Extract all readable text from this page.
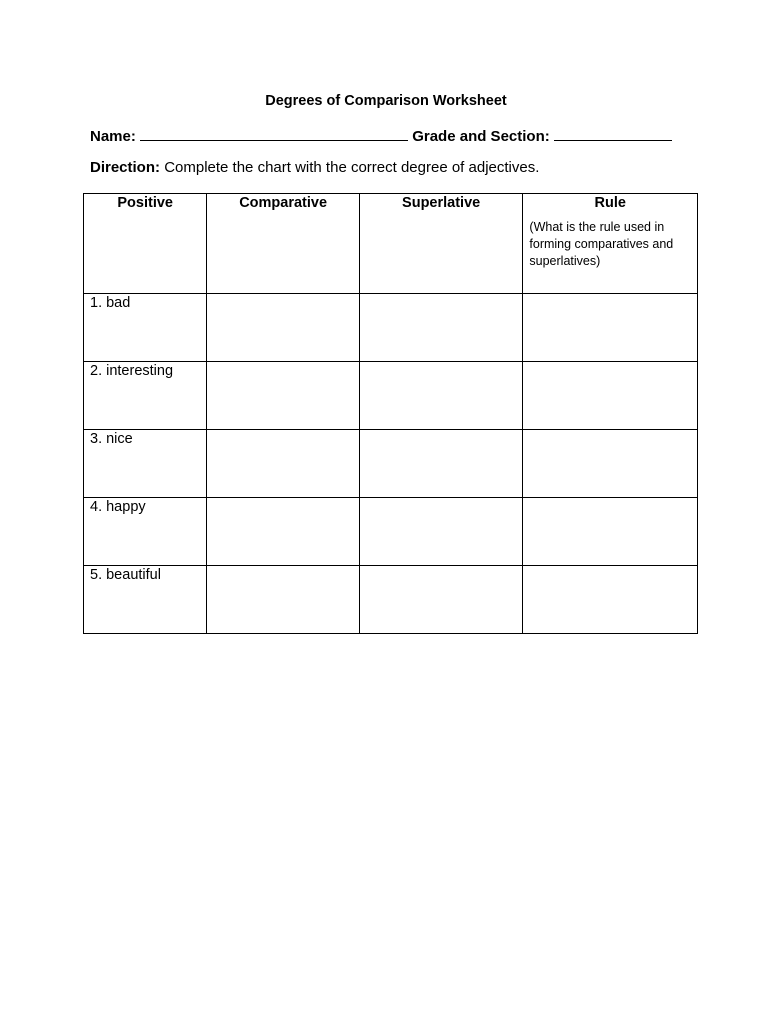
Degrees of Comparison Worksheet
Name:	Grade and Section:
Direction: Complete the chart with the correct degree of adjectives.
Positive	Comparative	Superlative	Rule
(What is the rule used in forming comparatives and superlatives)

1. bad			
2. interesting			
3. nice			
4. happy			
5. beautiful			
